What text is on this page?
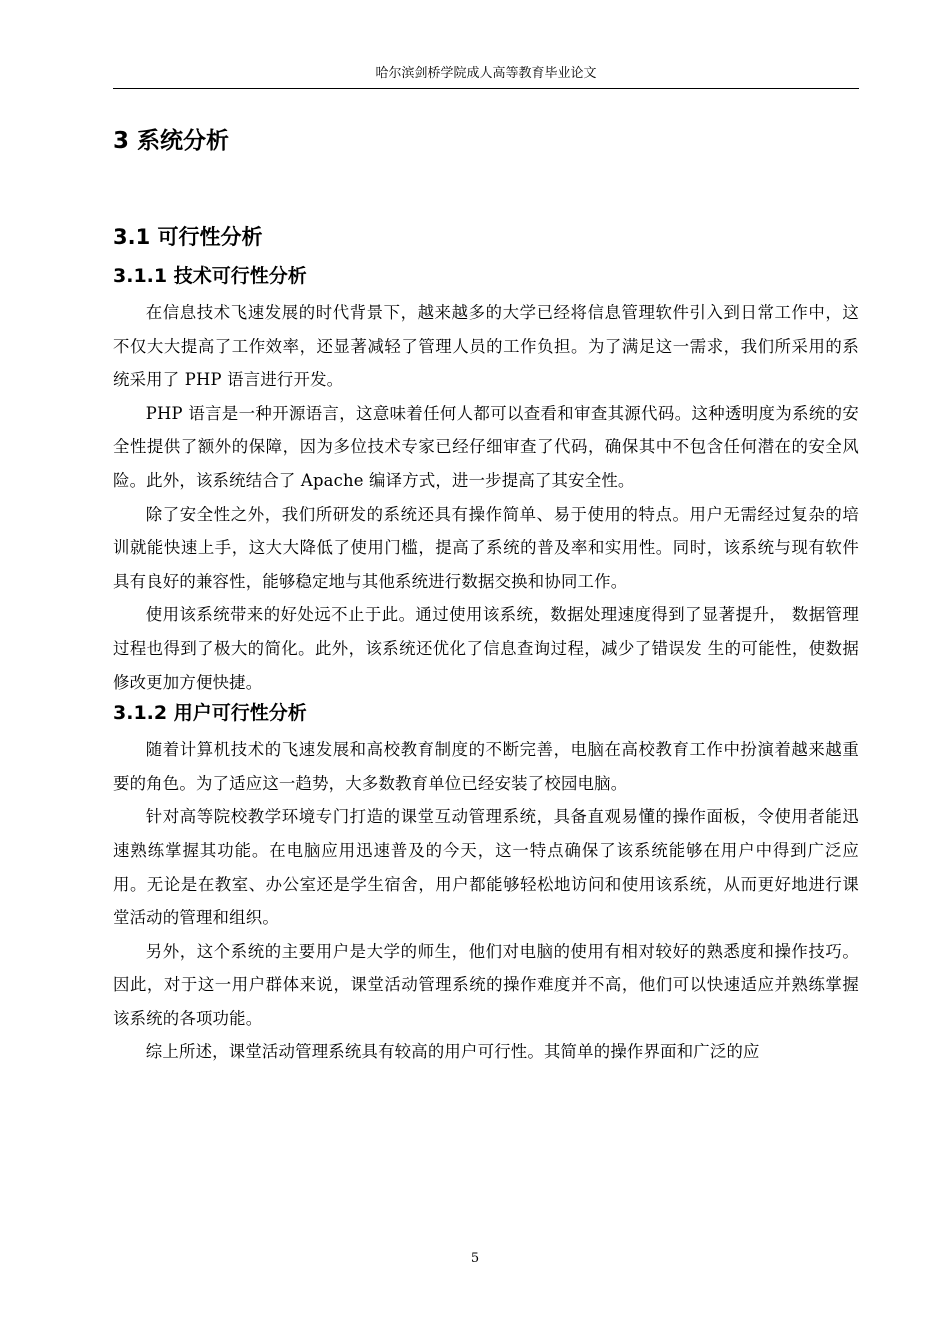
哈尔滨剑桥学院成人高等教育毕业论文
3 系统分析
3.1 可行性分析
3.1.1 技术可行性分析

在信息技术飞速发展的时代背景下，越来越多的大学已经将信息管理软件引入到日常工作中，这不仅大大提高了工作效率，还显著减轻了管理人员的工作负担。为了满足这一需求，我们所采用的系统采用了 PHP 语言进行开发。

PHP 语言是一种开源语言，这意味着任何人都可以查看和审查其源代码。这种透明度为系统的安全性提供了额外的保障，因为多位技术专家已经仔细审查了代码，确保其中不包含任何潜在的安全风险。此外，该系统结合了 Apache 编译方式，进一步提高了其安全性。

除了安全性之外，我们所研发的系统还具有操作简单、易于使用的特点。用户无需经过复杂的培训就能快速上手，这大大降低了使用门槛，提高了系统的普及率和实用性。同时，该系统与现有软件具有良好的兼容性，能够稳定地与其他系统进行数据交换和协同工作。

使用该系统带来的好处远不止于此。通过使用该系统，数据处理速度得到了显著提升， 数据管理过程也得到了极大的简化。此外，该系统还优化了信息查询过程，减少了错误发 生的可能性，使数据修改更加方便快捷。

3.1.2 用户可行性分析

随着计算机技术的飞速发展和高校教育制度的不断完善，电脑在高校教育工作中扮演着越来越重要的角色。为了适应这一趋势，大多数教育单位已经安装了校园电脑。

针对高等院校教学环境专门打造的课堂互动管理系统，具备直观易懂的操作面板，令使用者能迅速熟练掌握其功能。在电脑应用迅速普及的今天，这一特点确保了该系统能够在用户中得到广泛应用。无论是在教室、办公室还是学生宿舍，用户都能够轻松地访问和使用该系统，从而更好地进行课堂活动的管理和组织。

另外，这个系统的主要用户是大学的师生，他们对电脑的使用有相对较好的熟悉度和操作技巧。因此，对于这一用户群体来说，课堂活动管理系统的操作难度并不高，他们可以快速适应并熟练掌握该系统的各项功能。

综上所述，课堂活动管理系统具有较高的用户可行性。其简单的操作界面和广泛的应

5
